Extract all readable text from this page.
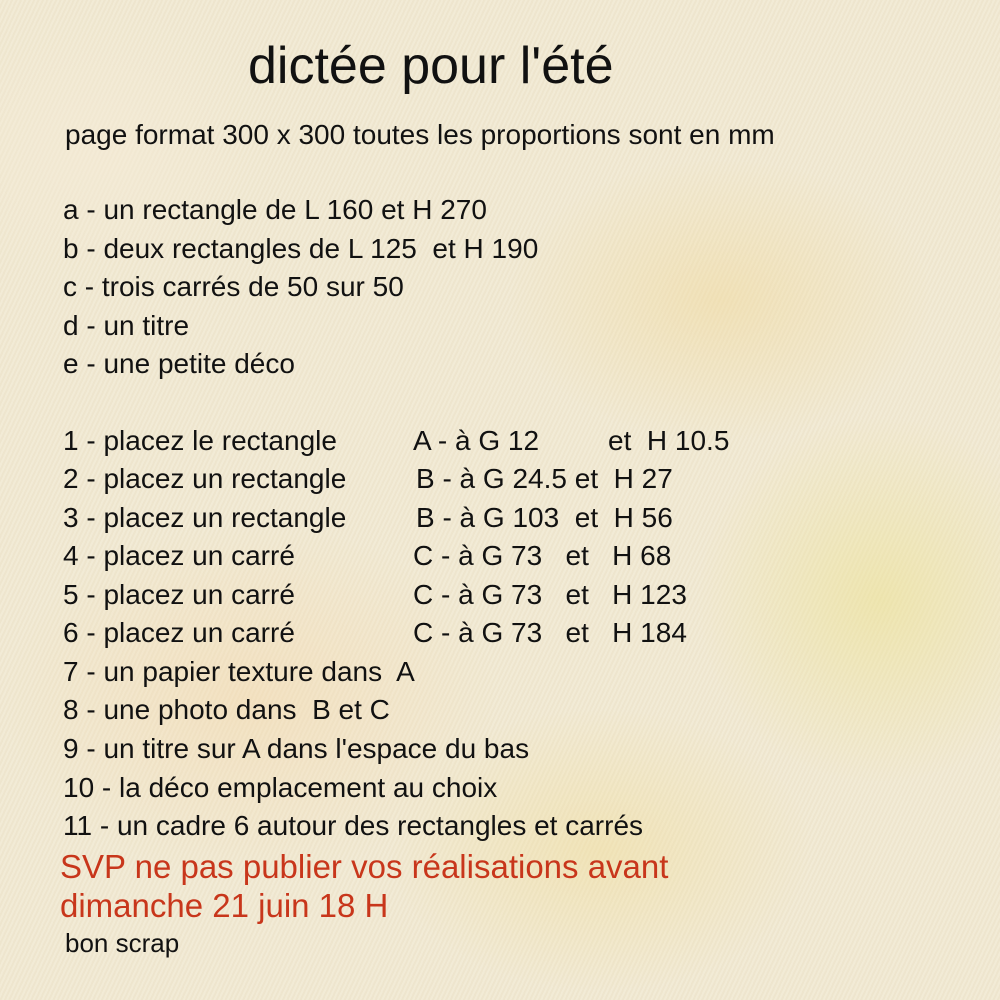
dictée pour l'été
page format 300 x 300 toutes les proportions sont en mm
a - un rectangle de L 160 et H 270
b - deux rectangles de L 125  et H 190
c - trois carrés de 50 sur 50
d - un titre
e - une petite déco
1 - placez le rectangle	A - à G 12 et  H 10.5
2 - placez un rectangle B - à G 24.5 et  H 27
3 - placez un rectangle B - à G 103  et  H 56
4 - placez un carré	C - à G 73   et   H 68
5 - placez un carré	C - à G 73   et   H 123
6 - placez un carré	C - à G 73   et   H 184
7 - un papier texture dans  A
8 - une photo dans  B et C
9 - un titre sur A dans l'espace du bas
10 - la déco emplacement au choix
11 - un cadre 6 autour des rectangles et carrés
SVP ne pas publier vos réalisations avant
dimanche 21 juin 18 H
bon scrap
